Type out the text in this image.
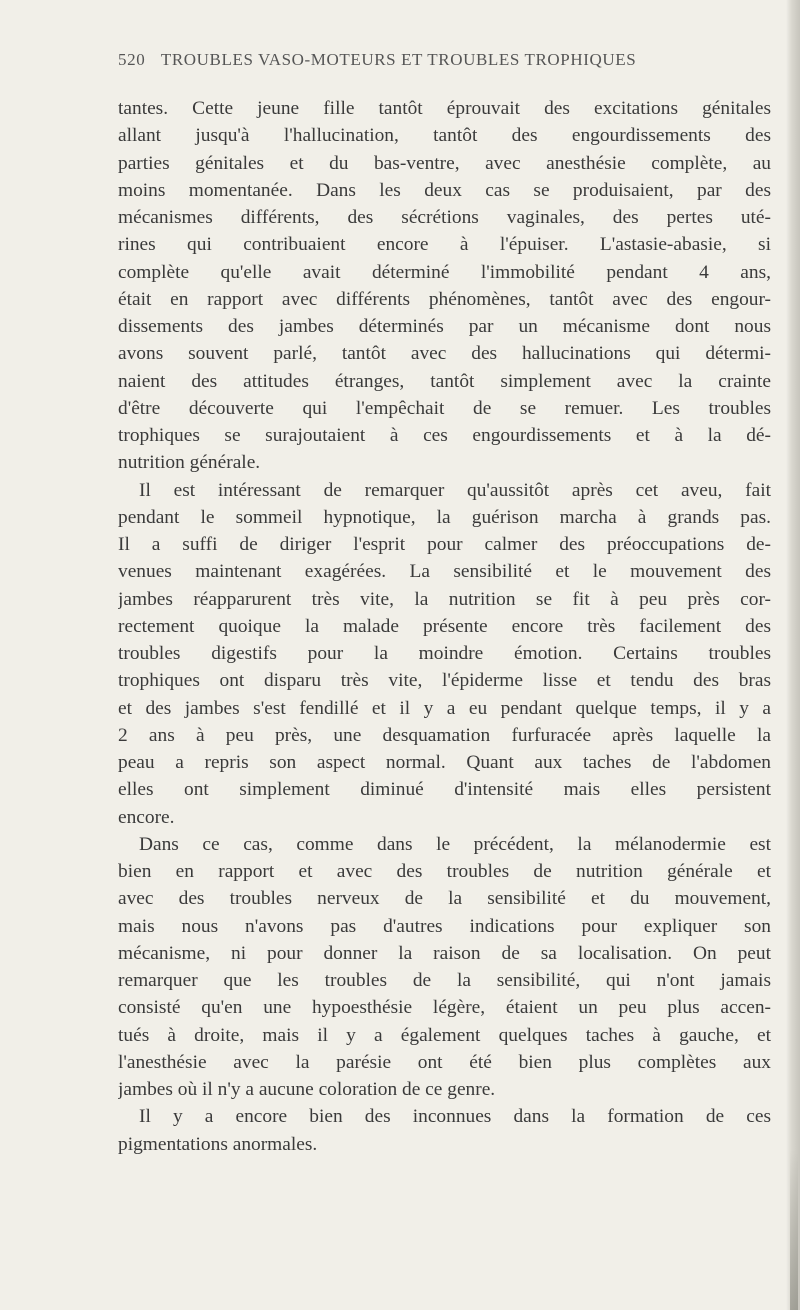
520 TROUBLES VASO-MOTEURS ET TROUBLES TROPHIQUES
tantes. Cette jeune fille tantôt éprouvait des excitations génitales
allant jusqu'à l'hallucination, tantôt des engourdissements des
parties génitales et du bas-ventre, avec anesthésie complète, au
moins momentanée. Dans les deux cas se produisaient, par des
mécanismes différents, des sécrétions vaginales, des pertes uté-
rines qui contribuaient encore à l'épuiser. L'astasie-abasie, si
complète qu'elle avait déterminé l'immobilité pendant 4 ans,
était en rapport avec différents phénomènes, tantôt avec des engour-
dissements des jambes déterminés par un mécanisme dont nous
avons souvent parlé, tantôt avec des hallucinations qui détermi-
naient des attitudes étranges, tantôt simplement avec la crainte
d'être découverte qui l'empêchait de se remuer. Les troubles
trophiques se surajoutaient à ces engourdissements et à la dé-
nutrition générale.
Il est intéressant de remarquer qu'aussitôt après cet aveu, fait
pendant le sommeil hypnotique, la guérison marcha à grands pas.
Il a suffi de diriger l'esprit pour calmer des préoccupations de-
venues maintenant exagérées. La sensibilité et le mouvement des
jambes réapparurent très vite, la nutrition se fit à peu près cor-
rectement quoique la malade présente encore très facilement des
troubles digestifs pour la moindre émotion. Certains troubles
trophiques ont disparu très vite, l'épiderme lisse et tendu des bras
et des jambes s'est fendillé et il y a eu pendant quelque temps, il y a
2 ans à peu près, une desquamation furfuracée après laquelle la
peau a repris son aspect normal. Quant aux taches de l'abdomen
elles ont simplement diminué d'intensité mais elles persistent
encore.
Dans ce cas, comme dans le précédent, la mélanodermie est
bien en rapport et avec des troubles de nutrition générale et
avec des troubles nerveux de la sensibilité et du mouvement,
mais nous n'avons pas d'autres indications pour expliquer son
mécanisme, ni pour donner la raison de sa localisation. On peut
remarquer que les troubles de la sensibilité, qui n'ont jamais
consisté qu'en une hypoesthésie légère, étaient un peu plus accen-
tués à droite, mais il y a également quelques taches à gauche, et
l'anesthésie avec la parésie ont été bien plus complètes aux
jambes où il n'y a aucune coloration de ce genre.
Il y a encore bien des inconnues dans la formation de ces
pigmentations anormales.
